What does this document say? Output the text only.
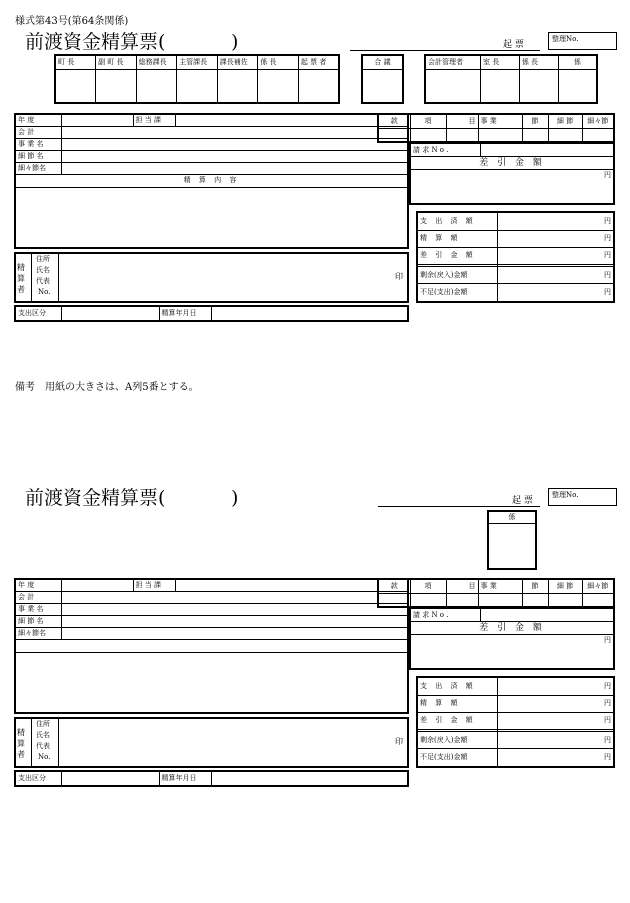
様式第43号(第64条関係)
前渡資金精算票(	)	起 票
整理No.
町 長	副 町 長	総務課長	主管課長	課長補佐	係 長	起 票 者
							合 議	会計管理者	室 長	係 長	係

年 度		担 当 課	
会 計			
事 業 名			
細 節 名			
細々節名			
精 算 内 容			

款	項	目	事 業	節	細 節	細々節

請 求 N o .	
差 引 金 額
円
精算者
住所
氏名
代表
No.
印
支 出 済 額	円
精 算 額	円
差 引 金 額	円

剰余(戻入)金額	円
不足(支出)金額	円
支出区分		精算年月日	
備考　用紙の大きさは、A列5番とする。
前渡資金精算票(	)	起 票
整理No.
係

年 度		担 当 課	
会 計			
事 業 名			
細 節 名			
細々節名			

款	項	目	事 業	節	細 節	細々節

請 求 N o .	
差 引 金 額
円
精算者
住所
氏名
代表
No.
印
支 出 済 額	円
精 算 額	円
差 引 金 額	円

剰余(戻入)金額	円
不足(支出)金額	円
支出区分		精算年月日	
